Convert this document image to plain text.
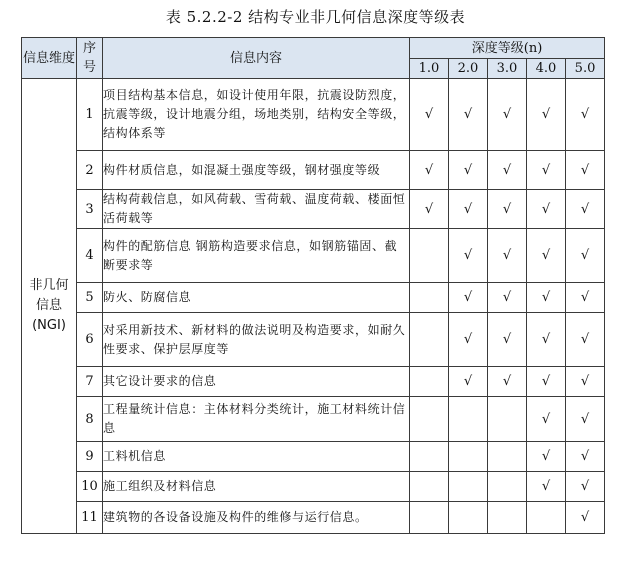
表 5.2.2-2 结构专业非几何信息深度等级表
信息维度	序号	信息内容	深度等级(n)				
			1.0	2.0	3.0	4.0	5.0
非几何信息(NGI)	1	项目结构基本信息，如设计使用年限，抗震设防烈度，抗震等级，设计地震分组，场地类别，结构安全等级，结构体系等	√	√	√	√	√
	2	构件材质信息，如混凝土强度等级，钢材强度等级	√	√	√	√	√
	3	结构荷载信息，如风荷载、雪荷载、温度荷载、楼面恒活荷载等	√	√	√	√	√
	4	构件的配筋信息 钢筋构造要求信息，如钢筋锚固、截断要求等		√	√	√	√
	5	防火、防腐信息		√	√	√	√
	6	对采用新技术、新材料的做法说明及构造要求，如耐久性要求、保护层厚度等		√	√	√	√
	7	其它设计要求的信息		√	√	√	√
	8	工程量统计信息：主体材料分类统计，施工材料统计信息				√	√
	9	工料机信息				√	√
	10	施工组织及材料信息				√	√
	11	建筑物的各设备设施及构件的维修与运行信息。					√
